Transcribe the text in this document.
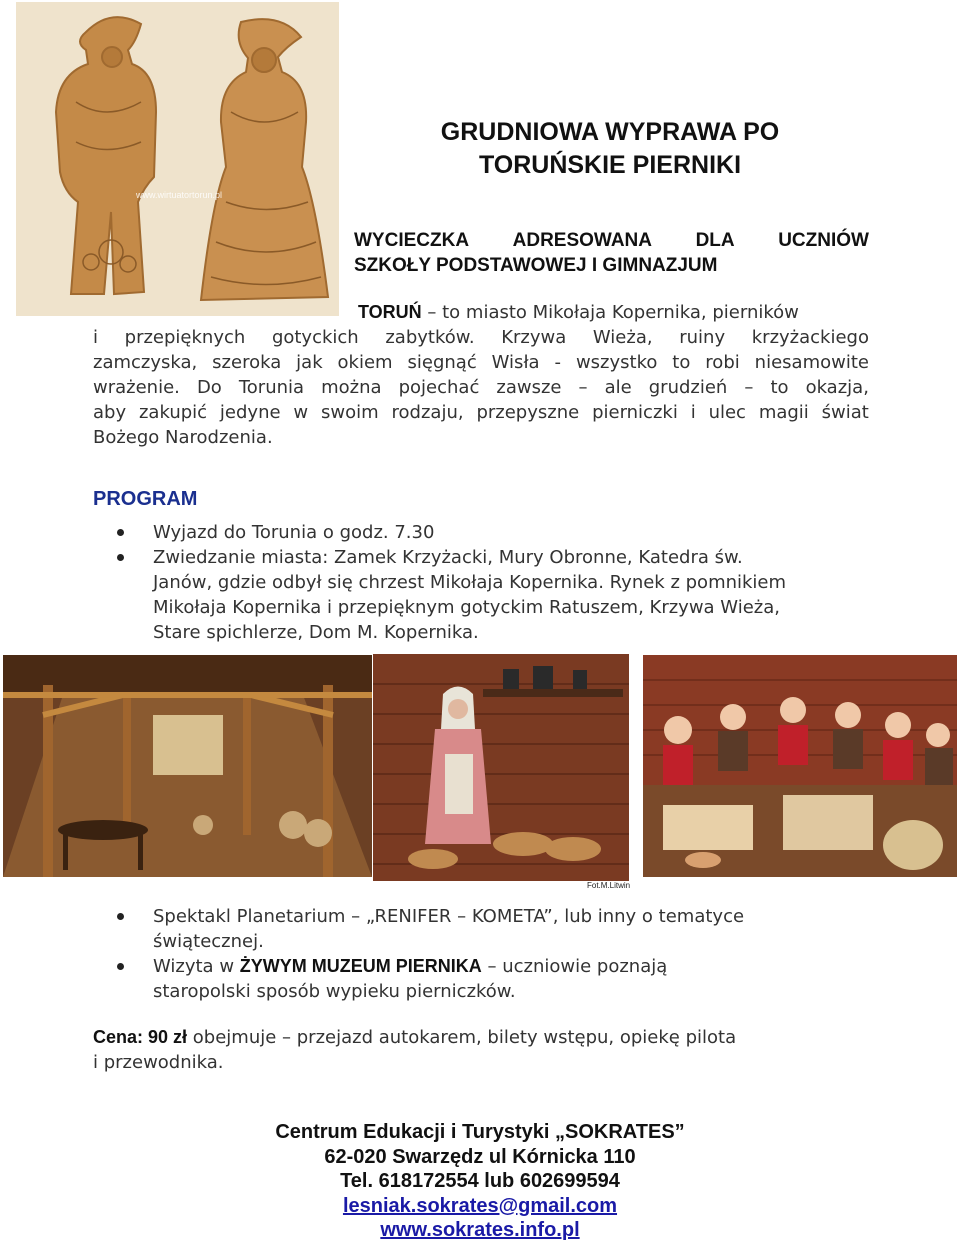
www.wirtuatortorun.pl
GRUDNIOWA WYPRAWA PO
TORUŃSKIE PIERNIKI
WYCIECZKA ADRESOWANA DLA UCZNIÓW
SZKOŁY PODSTAWOWEJ I GIMNAZJUM
TORUŃ – to miasto Mikołaja Kopernika, pierników
i przepięknych gotyckich zabytków. Krzywa Wieża, ruiny krzyżackiego
zamczyska, szeroka jak okiem sięgnąć Wisła - wszystko to robi niesamowite
wrażenie. Do Torunia można pojechać zawsze – ale grudzień – to okazja,
aby zakupić jedyne w swoim rodzaju, przepyszne pierniczki i ulec magii świat
Bożego Narodzenia.
PROGRAM
Wyjazd do Torunia o godz. 7.30
Zwiedzanie miasta: Zamek Krzyżacki, Mury Obronne, Katedra św.
Janów, gdzie odbył się chrzest Mikołaja Kopernika. Rynek z pomnikiem
Mikołaja Kopernika i przepięknym gotyckim Ratuszem, Krzywa Wieża,
Stare spichlerze, Dom M. Kopernika.
Fot.M.Litwin
Spektakl Planetarium – „RENIFER – KOMETA”, lub inny o tematyce
świątecznej.
Wizyta w ŻYWYM MUZEUM PIERNIKA – uczniowie poznają
staropolski sposób wypieku pierniczków.
Cena: 90 zł obejmuje – przejazd autokarem, bilety wstępu, opiekę pilota
i przewodnika.
Centrum Edukacji i Turystyki „SOKRATES”
62-020 Swarzędz ul Kórnicka 110
Tel. 618172554 lub 602699594
lesniak.sokrates@gmail.com
www.sokrates.info.pl
